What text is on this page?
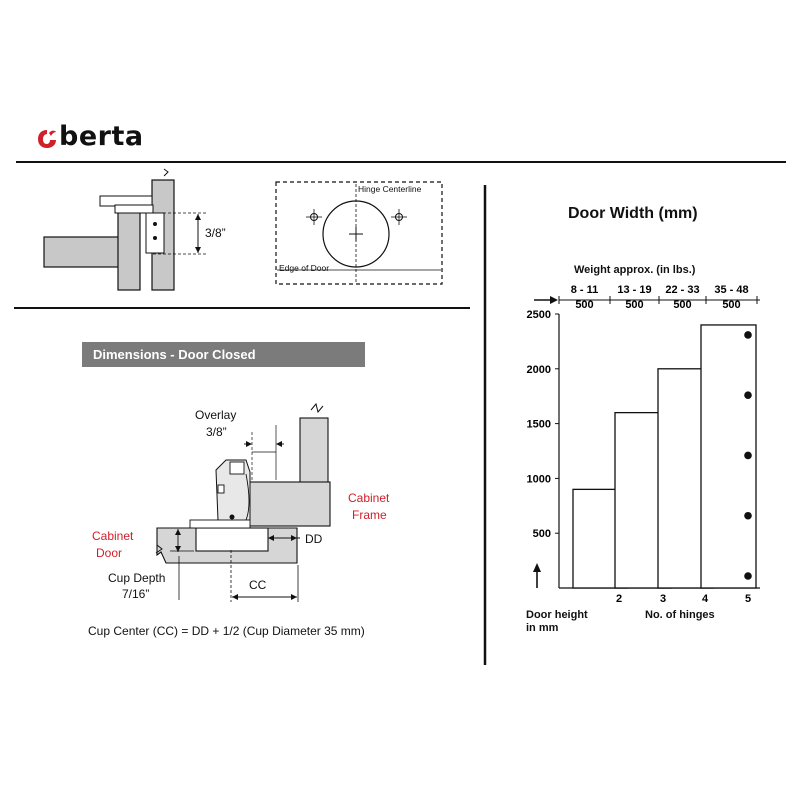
berta
3/8”
Hinge Centerline
Edge of Door
Dimensions - Door Closed
Overlay
3/8”
Cabinet
Frame
Cabinet
Door
DD
Cup Depth
7/16”
CC
Cup Center (CC) = DD + 1/2 (Cup Diameter 35 mm)
Door Width (mm)
Weight approx. (in lbs.)
500
1000
1500
2000
2500
8 - 11
500
13 - 19
500
22 - 33
500
35 - 48
500
2	3	4	5
Door height
in mm
No. of hinges
